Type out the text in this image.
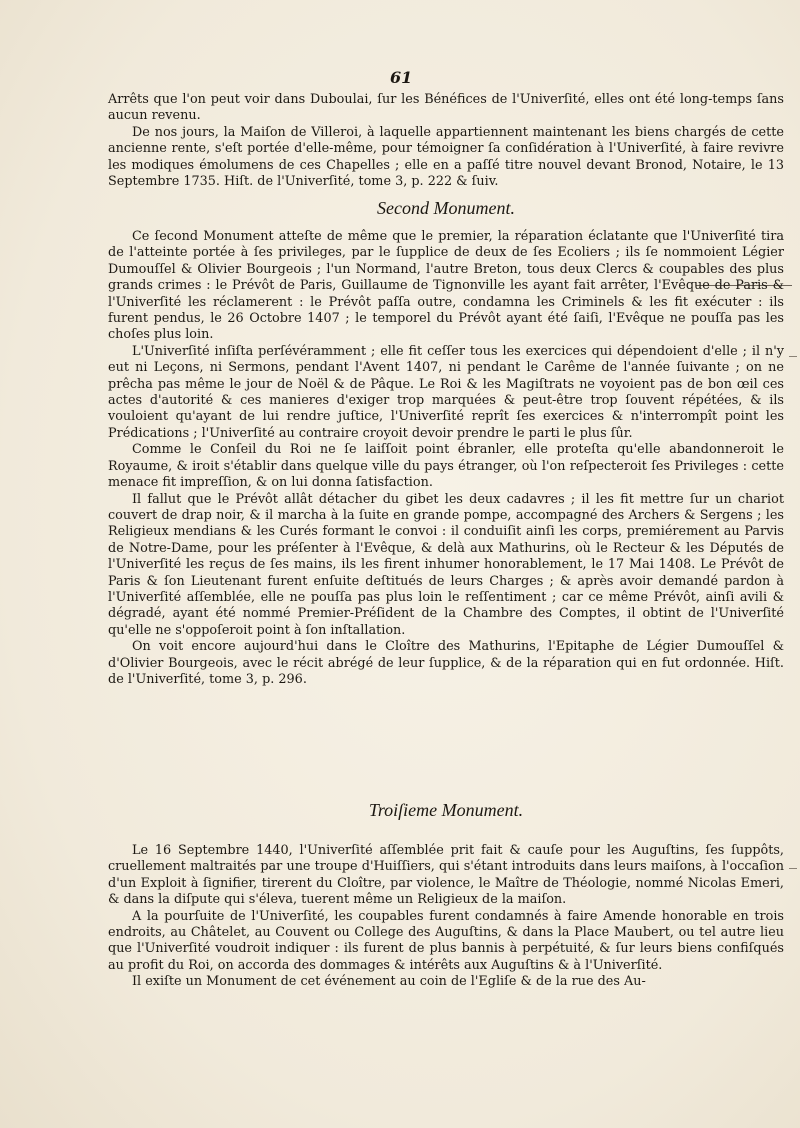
61

Arrêts que l'on peut voir dans Duboulai, ſur les Bénéfices de l'Univerſité, elles ont été long-temps ſans aucun revenu.

De nos jours, la Maiſon de Villeroi, à laquelle appartiennent maintenant les biens chargés de cette ancienne rente, s'eſt portée d'elle-même, pour témoigner ſa conſidération à l'Univerſité, à faire revivre les modiques émolumens de ces Chapelles ; elle en a paſſé titre nouvel devant Bronod, Notaire, le 13 Septembre 1735. Hiſt. de l'Univerſité, tome 3, p. 222 & ſuiv.

Second Monument.

Ce ſecond Monument atteſte de même que le premier, la réparation éclatante que l'Univerſité tira de l'atteinte portée à ſes privileges, par le ſupplice de deux de ſes Ecoliers ; ils ſe nommoient Légier Dumouſſel & Olivier Bourgeois ; l'un Normand, l'autre Breton, tous deux Clercs & coupables des plus grands crimes : le Prévôt de Paris, Guillaume de Tignonville les ayant fait arrêter, l'Evêque de Paris & l'Univerſité les réclamerent : le Prévôt paſſa outre, condamna les Criminels & les fit exécuter : ils furent pendus, le 26 Octobre 1407 ; le temporel du Prévôt ayant été ſaiſi, l'Evêque ne pouſſa pas les choſes plus loin.

L'Univerſité inſiſta perſévéramment ; elle fit ceſſer tous les exercices qui dépendoient d'elle ; il n'y eut ni Leçons, ni Sermons, pendant l'Avent 1407, ni pendant le Carême de l'année ſuivante ; on ne prêcha pas même le jour de Noël & de Pâque. Le Roi & les Magiſtrats ne voyoient pas de bon œil ces actes d'autorité & ces manieres d'exiger trop marquées & peut-être trop ſouvent répétées, & ils vouloient qu'ayant de lui rendre juſtice, l'Univerſité reprît ſes exercices & n'interrompît point les Prédications ; l'Univerſité au contraire croyoit devoir prendre le parti le plus ſûr.

Comme le Conſeil du Roi ne ſe laiſſoit point ébranler, elle proteſta qu'elle abandonneroit le Royaume, & iroit s'établir dans quelque ville du pays étranger, où l'on reſpecteroit ſes Privileges : cette menace fit impreſſion, & on lui donna ſatisfaction.

Il fallut que le Prévôt allât détacher du gibet les deux cadavres ; il les fit mettre ſur un chariot couvert de drap noir, & il marcha à la ſuite en grande pompe, accompagné des Archers & Sergens ; les Religieux mendians & les Curés formant le convoi : il conduiſit ainſi les corps, premiérement au Parvis de Notre-Dame, pour les préſenter à l'Evêque, & delà aux Mathurins, où le Recteur & les Députés de l'Univerſité les reçus de ſes mains, ils les firent inhumer honorablement, le 17 Mai 1408. Le Prévôt de Paris & ſon Lieutenant furent enſuite deſtitués de leurs Charges ; & après avoir demandé pardon à l'Univerſité aſſemblée, elle ne pouſſa pas plus loin le reſſentiment ; car ce même Prévôt, ainſi avili & dégradé, ayant été nommé Premier-Préſident de la Chambre des Comptes, il obtint de l'Univerſité qu'elle ne s'oppoſeroit point à ſon inſtallation.

On voit encore aujourd'hui dans le Cloître des Mathurins, l'Epitaphe de Légier Dumouſſel & d'Olivier Bourgeois, avec le récit abrégé de leur ſupplice, & de la réparation qui en fut ordonnée. Hiſt. de l'Univerſité, tome 3, p. 296.

Troiſieme Monument.

Le 16 Septembre 1440, l'Univerſité aſſemblée prit fait & cauſe pour les Auguſtins, ſes ſuppôts, cruellement maltraités par une troupe d'Huiſſiers, qui s'étant introduits dans leurs maiſons, à l'occaſion d'un Exploit à ſignifier, tirerent du Cloître, par violence, le Maître de Théologie, nommé Nicolas Emeri, & dans la diſpute qui s'éleva, tuerent même un Religieux de la maiſon.

A la pourſuite de l'Univerſité, les coupables furent condamnés à faire Amende honorable en trois endroits, au Châtelet, au Couvent ou College des Auguſtins, & dans la Place Maubert, ou tel autre lieu que l'Univerſité voudroit indiquer : ils furent de plus bannis à perpétuité, & ſur leurs biens confiſqués au profit du Roi, on accorda des dommages & intérêts aux Auguſtins & à l'Univerſité.

Il exiſte un Monument de cet événement au coin de l'Egliſe & de la rue des Au-
